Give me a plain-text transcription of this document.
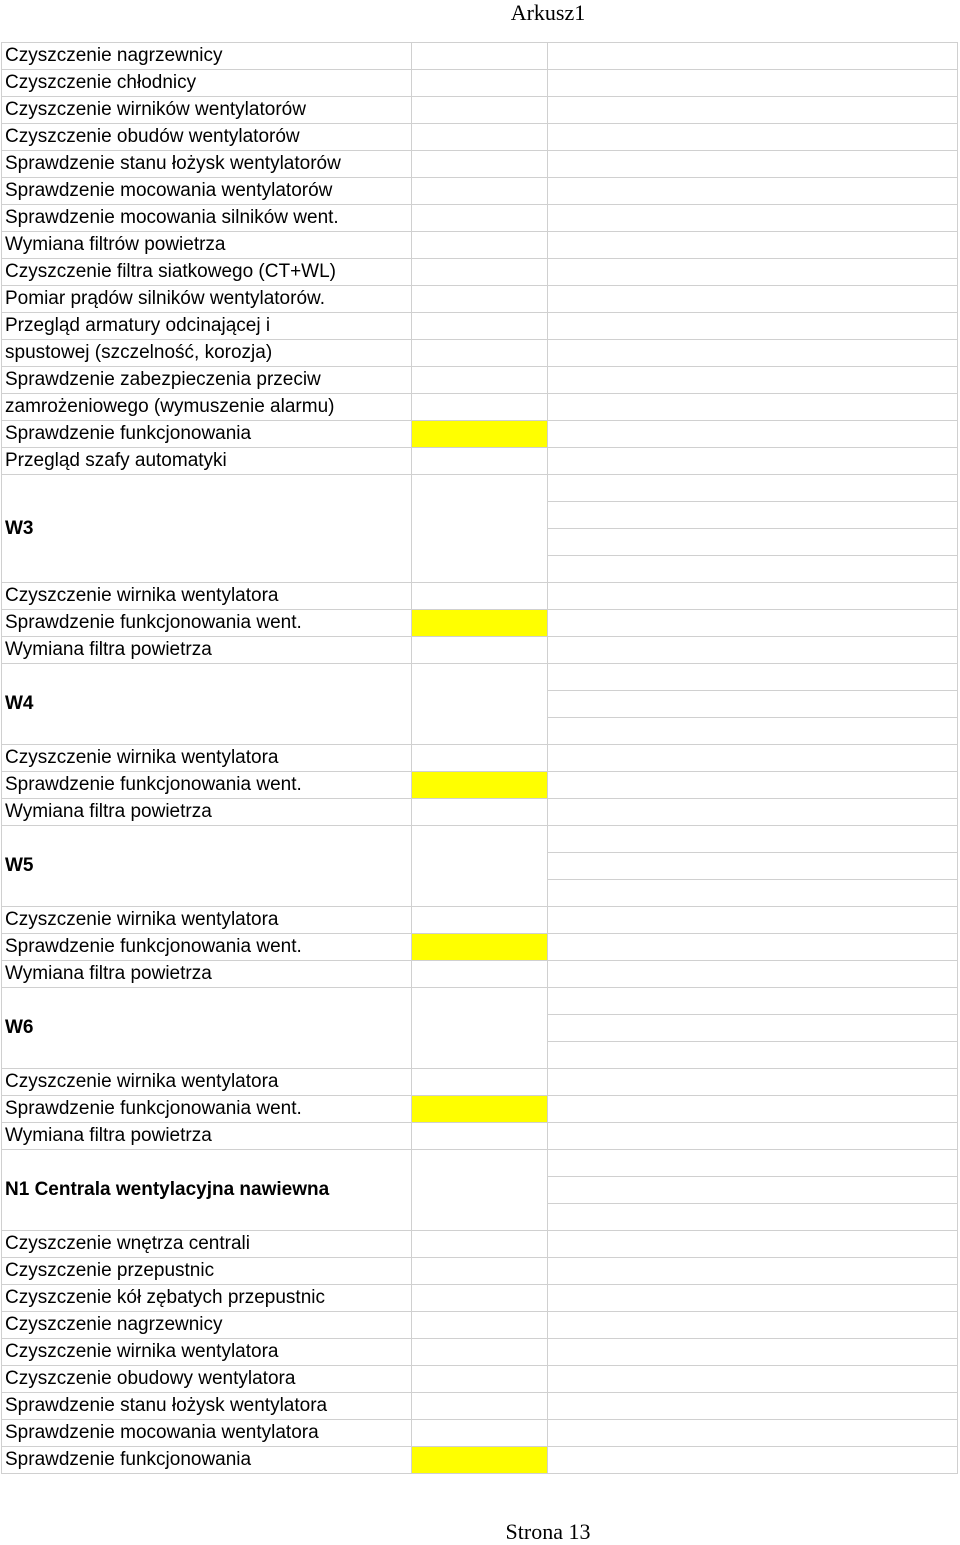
Arkusz1
Czyszczenie nagrzewnicy		
Czyszczenie chłodnicy		
Czyszczenie wirników wentylatorów		
Czyszczenie obudów wentylatorów		
Sprawdzenie stanu łożysk wentylatorów		
Sprawdzenie mocowania wentylatorów		
Sprawdzenie mocowania silników went.		
Wymiana filtrów powietrza		
Czyszczenie filtra siatkowego (CT+WL)		
Pomiar prądów silników wentylatorów.		
Przegląd armatury odcinającej i		
spustowej (szczelność, korozja)		
Sprawdzenie zabezpieczenia przeciw		
zamrożeniowego (wymuszenie alarmu)		
Sprawdzenie funkcjonowania		
Przegląd szafy automatyki		
W3		

Czyszczenie wirnika wentylatora		
Sprawdzenie funkcjonowania went.		
Wymiana filtra powietrza		
W4		

Czyszczenie wirnika wentylatora		
Sprawdzenie funkcjonowania went.		
Wymiana filtra powietrza		
W5		

Czyszczenie wirnika wentylatora		
Sprawdzenie funkcjonowania went.		
Wymiana filtra powietrza		
W6		

Czyszczenie wirnika wentylatora		
Sprawdzenie funkcjonowania went.		
Wymiana filtra powietrza		
N1 Centrala wentylacyjna nawiewna		

Czyszczenie wnętrza centrali		
Czyszczenie przepustnic		
Czyszczenie kół zębatych przepustnic		
Czyszczenie nagrzewnicy		
Czyszczenie wirnika wentylatora		
Czyszczenie obudowy wentylatora		
Sprawdzenie stanu łożysk wentylatora		
Sprawdzenie mocowania wentylatora		
Sprawdzenie funkcjonowania		
Strona 13
